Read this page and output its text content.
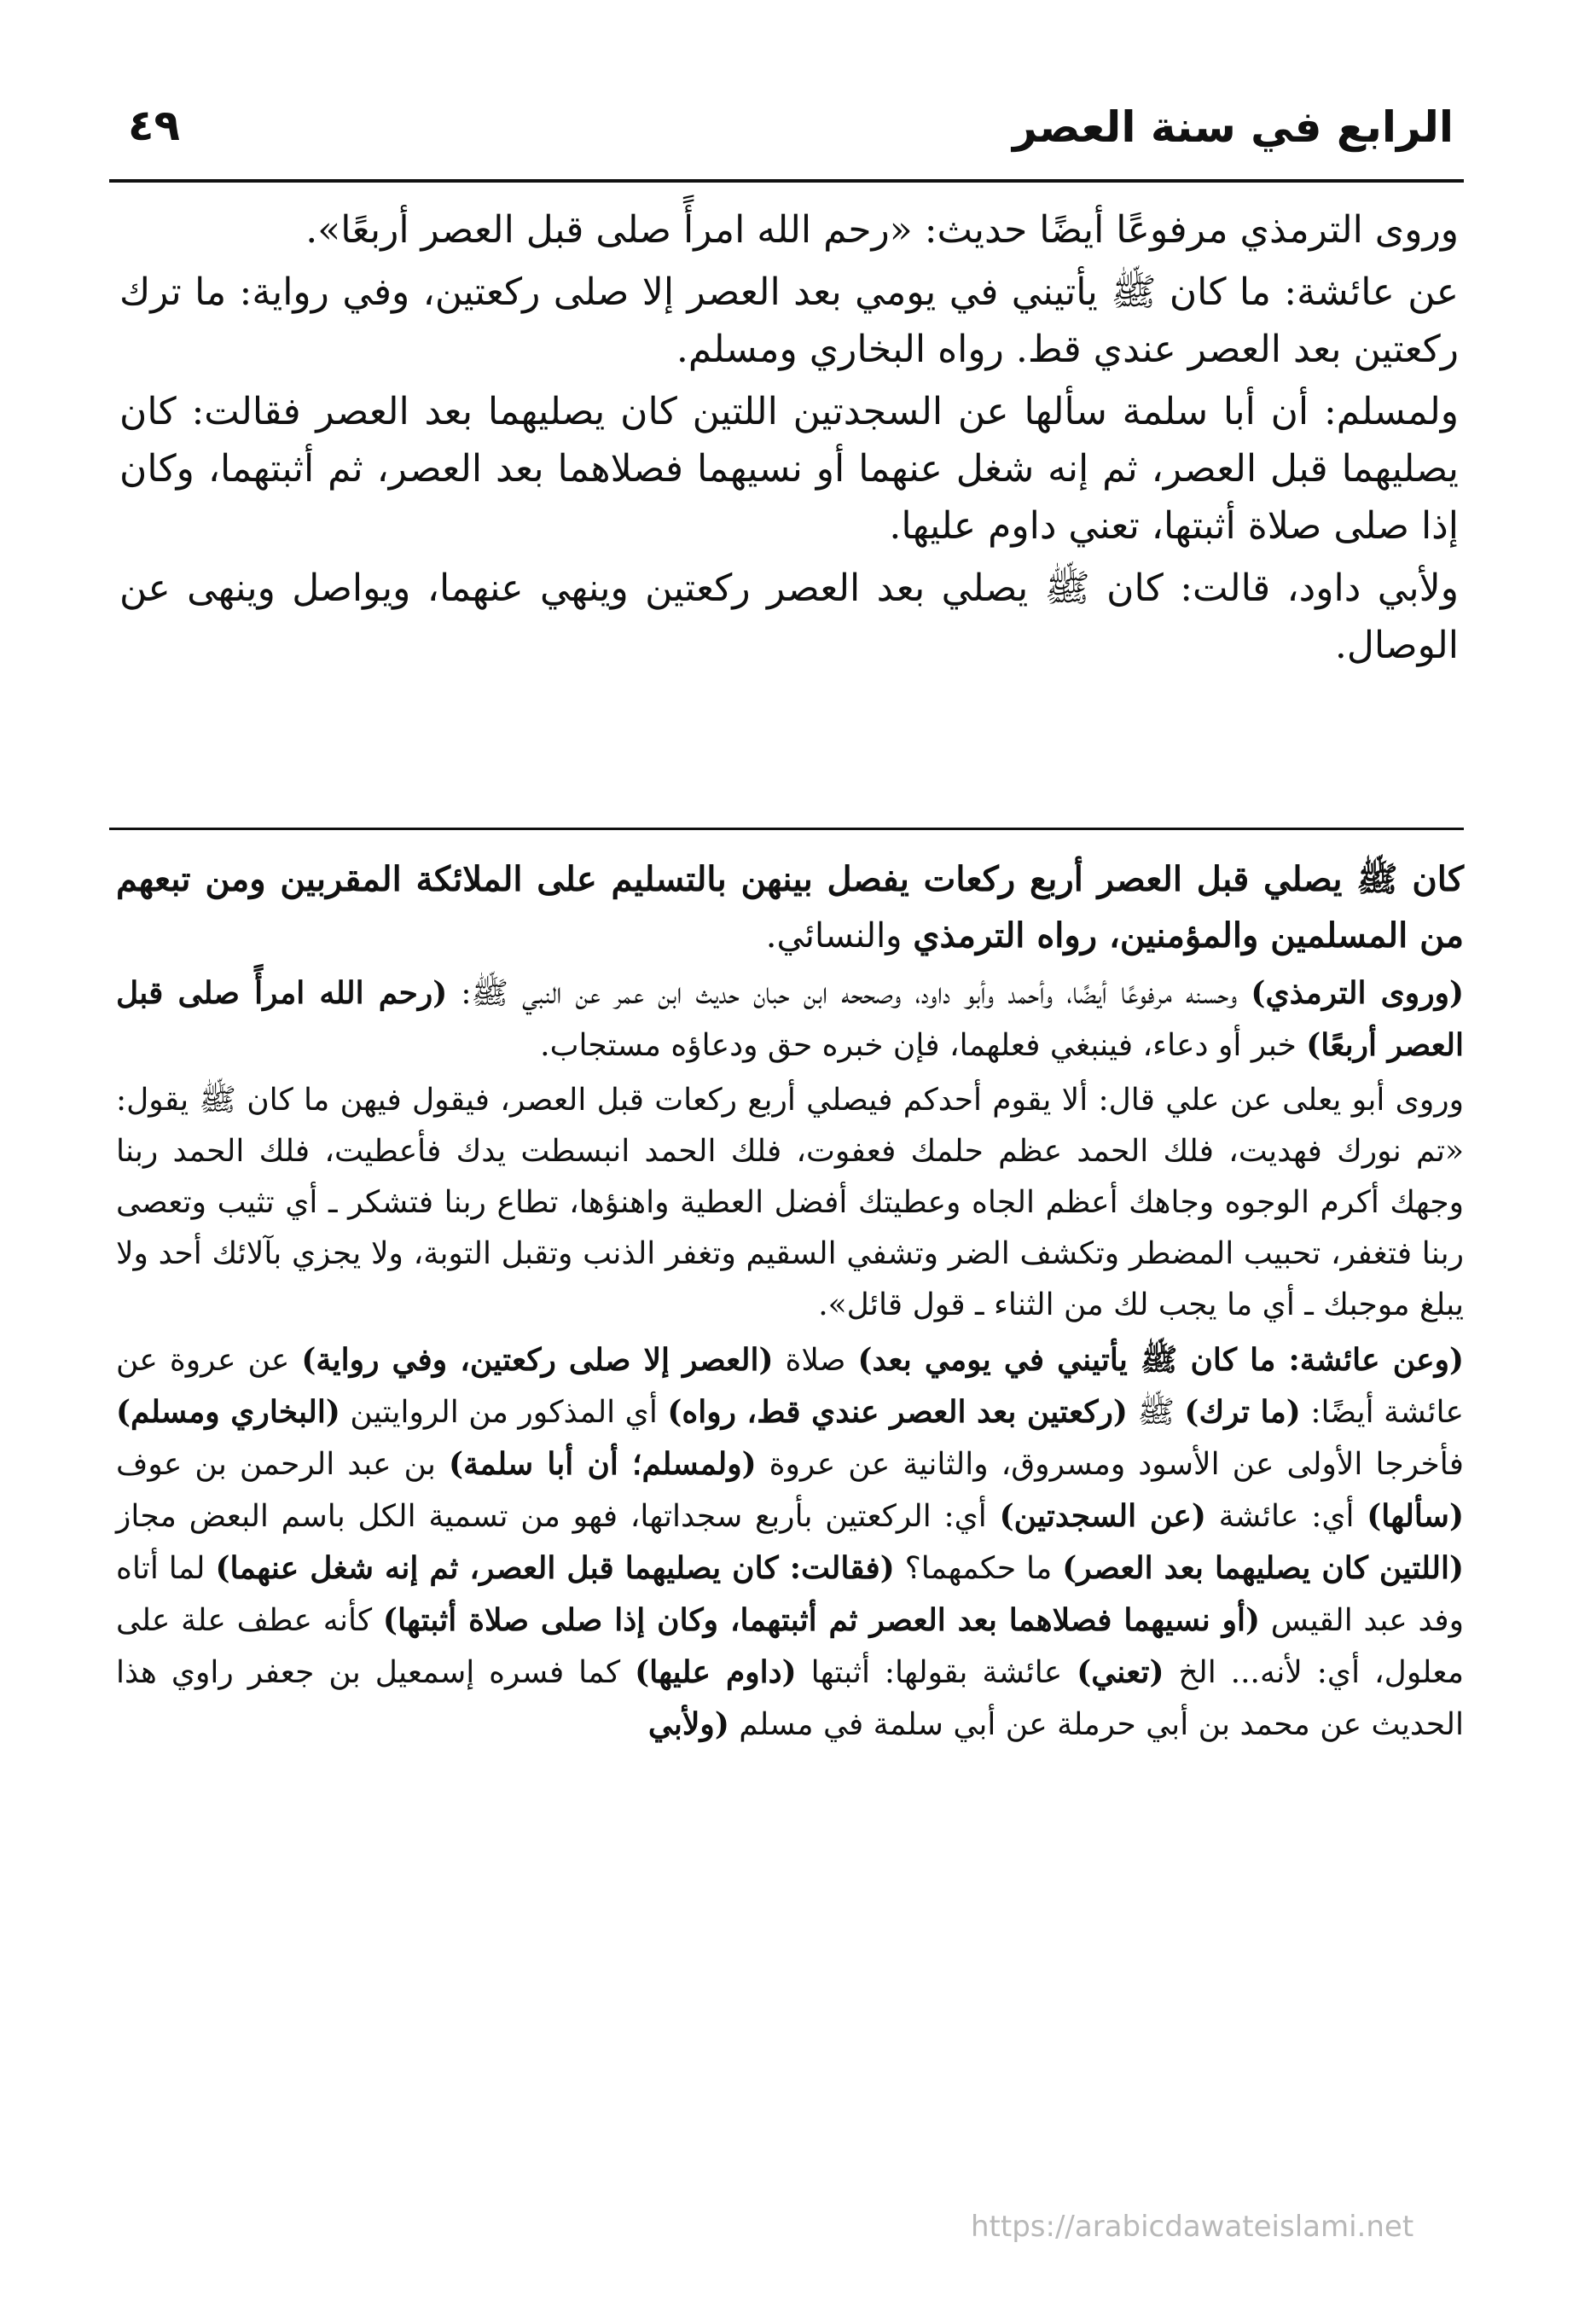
الرابع في سنة العصر
٤٩

وروى الترمذي مرفوعًا أيضًا حديث: «رحم الله امرأً صلى قبل العصر أربعًا».

عن عائشة: ما كان ﷺ يأتيني في يومي بعد العصر إلا صلى ركعتين، وفي رواية: ما ترك ركعتين بعد العصر عندي قط. رواه البخاري ومسلم.

ولمسلم: أن أبا سلمة سألها عن السجدتين اللتين كان يصليهما بعد العصر فقالت: كان يصليهما قبل العصر، ثم إنه شغل عنهما أو نسيهما فصلاهما بعد العصر، ثم أثبتهما، وكان إذا صلى صلاة أثبتها، تعني داوم عليها.

ولأبي داود، قالت: كان ﷺ يصلي بعد العصر ركعتين وينهي عنهما، ويواصل وينهى عن الوصال.

كان ﷺ يصلي قبل العصر أربع ركعات يفصل بينهن بالتسليم على الملائكة المقربين ومن تبعهم من المسلمين والمؤمنين، رواه الترمذي والنسائي.

(وروى الترمذي) وحسنه مرفوعًا أيضًا، وأحمد وأبو داود، وصححه ابن حبان حديث ابن عمر عن النبي ﷺ: (رحم الله امرأً صلى قبل العصر أربعًا) خبر أو دعاء، فينبغي فعلهما، فإن خبره حق ودعاؤه مستجاب.

وروى أبو يعلى عن علي قال: ألا يقوم أحدكم فيصلي أربع ركعات قبل العصر، فيقول فيهن ما كان ﷺ يقول: «تم نورك فهديت، فلك الحمد عظم حلمك فعفوت، فلك الحمد انبسطت يدك فأعطيت، فلك الحمد ربنا وجهك أكرم الوجوه وجاهك أعظم الجاه وعطيتك أفضل العطية واهنؤها، تطاع ربنا فتشكر ـ أي تثيب وتعصى ربنا فتغفر، تحبيب المضطر وتكشف الضر وتشفي السقيم وتغفر الذنب وتقبل التوبة، ولا يجزي بآلائك أحد ولا يبلغ موجبك ـ أي ما يجب لك من الثناء ـ قول قائل».

(وعن عائشة: ما كان ﷺ يأتيني في يومي بعد) صلاة (العصر إلا صلى ركعتين، وفي رواية) عن عروة عن عائشة أيضًا: (ما ترك) ﷺ (ركعتين بعد العصر عندي قط، رواه) أي المذكور من الروايتين (البخاري ومسلم) فأخرجا الأولى عن الأسود ومسروق، والثانية عن عروة (ولمسلم؛ أن أبا سلمة) بن عبد الرحمن بن عوف (سألها) أي: عائشة (عن السجدتين) أي: الركعتين بأربع سجداتها، فهو من تسمية الكل باسم البعض مجاز (اللتين كان يصليهما بعد العصر) ما حكمهما؟ (فقالت: كان يصليهما قبل العصر، ثم إنه شغل عنهما) لما أتاه وفد عبد القيس (أو نسيهما فصلاهما بعد العصر ثم أثبتهما، وكان إذا صلى صلاة أثبتها) كأنه عطف علة على معلول، أي: لأنه... الخ (تعني) عائشة بقولها: أثبتها (داوم عليها) كما فسره إسمعيل بن جعفر راوي هذا الحديث عن محمد بن أبي حرملة عن أبي سلمة في مسلم (ولأبي

https://arabicdawateislami.net
